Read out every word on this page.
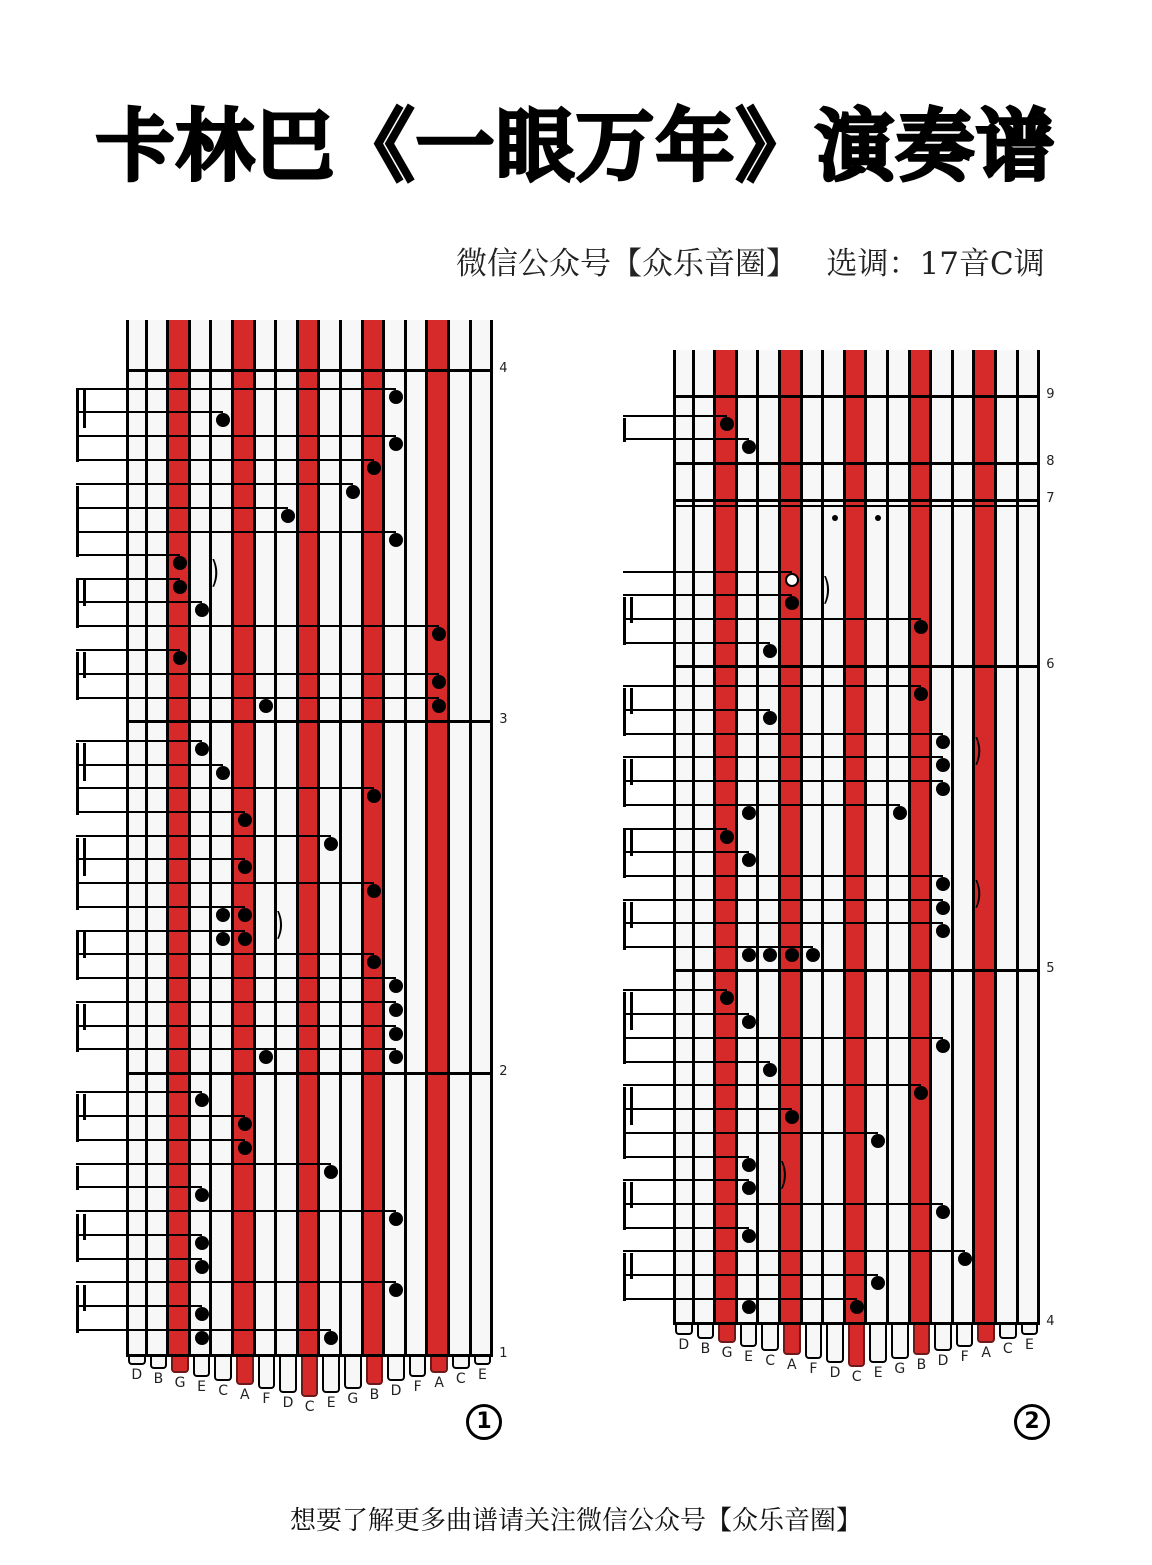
卡林巴《一眼万年》演奏谱
微信公众号【众乐音圈】   选调：17音C调
D B G E C A F D C E G B D F A C E
4
3
2
1
)
)
1
D B G E C A F D C E G B D F A C E
9
8
7
6
5
4
)
)
)
)
2
想要了解更多曲谱请关注微信公众号【众乐音圈】
